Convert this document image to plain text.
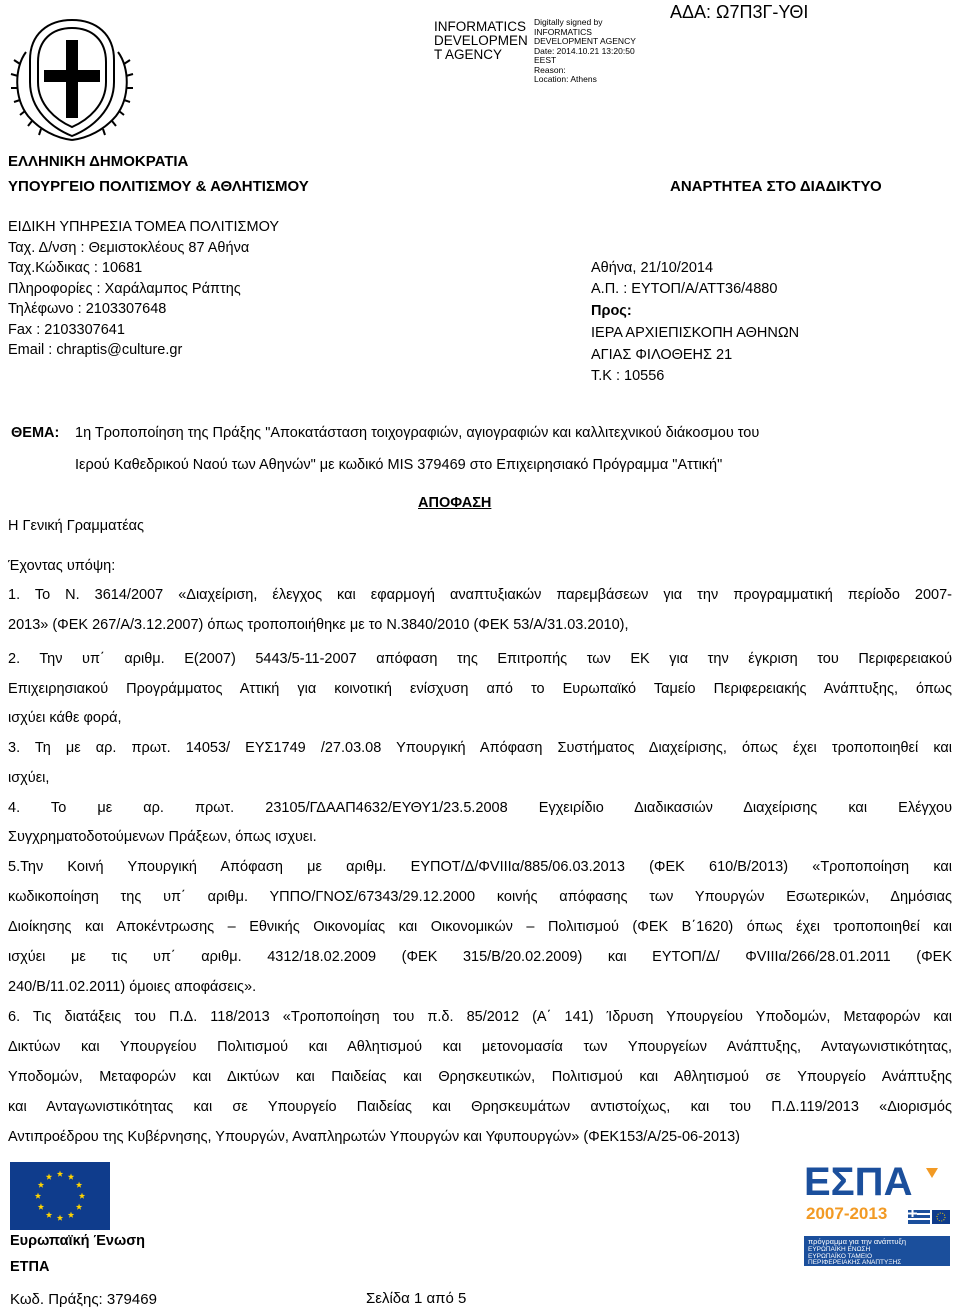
INFORMATICS
DEVELOPMEN
T AGENCY
Digitally signed by
INFORMATICS
DEVELOPMENT AGENCY
Date: 2014.10.21 13:20:50
EEST
Reason:
Location: Athens
ΑΔΑ: Ω7Π3Γ-ΥΘΙ
ΕΛΛΗΝΙΚΗ ΔΗΜΟΚΡΑΤΙΑ
ΥΠΟΥΡΓΕΙΟ ΠΟΛΙΤΙΣΜΟΥ & ΑΘΛΗΤΙΣΜΟΥ	ΑΝΑΡΤΗΤΕΑ ΣΤΟ ΔΙΑΔΙΚΤΥΟ
ΕΙΔΙΚΗ ΥΠΗΡΕΣΙΑ ΤΟΜΕΑ ΠΟΛΙΤΙΣΜΟΥ
Ταχ. Δ/νση : Θεμιστοκλέους 87 Αθήνα
Ταχ.Κώδικας : 10681
Πληροφορίες : Χαράλαμπος Ράπτης
Τηλέφωνο : 2103307648
Fax : 2103307641
Email : chraptis@culture.gr
Αθήνα, 21/10/2014
Α.Π. : ΕΥΤΟΠ/Α/ΑΤΤ36/4880
Προς:
ΙΕΡΑ ΑΡΧΙΕΠΙΣΚΟΠΗ ΑΘΗΝΩΝ
ΑΓΙΑΣ ΦΙΛΟΘΕΗΣ 21
Τ.Κ : 10556
ΘΕΜΑ: 1η Τροποποίηση της Πράξης "Αποκατάσταση τοιχογραφιών, αγιογραφιών και καλλιτεχνικού διάκοσμου του
Ιερού Καθεδρικού Ναού των Αθηνών" με κωδικό MIS 379469 στο Επιχειρησιακό Πρόγραμμα "Αττική"
ΑΠΟΦΑΣΗ
Η Γενική Γραμματέας
Έχοντας υπόψη:
1. Το Ν. 3614/2007 «Διαχείριση, έλεγχος και εφαρμογή αναπτυξιακών παρεμβάσεων για την προγραμματική περίοδο 2007-
2013» (ΦΕΚ 267/Α/3.12.2007) όπως τροποποιήθηκε με το Ν.3840/2010 (ΦΕΚ 53/Α/31.03.2010),
2. Την υπ΄ αριθμ. Ε(2007) 5443/5-11-2007 απόφαση της Επιτροπής των ΕΚ για την έγκριση του Περιφερειακού
Επιχειρησιακού Προγράμματος Αττική για κοινοτική ενίσχυση από το Ευρωπαϊκό Ταμείο Περιφερειακής Ανάπτυξης, όπως
ισχύει κάθε φορά,
3. Τη με αρ. πρωτ. 14053/ ΕΥΣ1749 /27.03.08 Υπουργική Απόφαση Συστήματος Διαχείρισης, όπως έχει τροποποιηθεί και
ισχύει,
4. Το με αρ. πρωτ. 23105/ΓΔΑΑΠ4632/ΕΥΘΥ1/23.5.2008 Εγχειρίδιο Διαδικασιών Διαχείρισης και Ελέγχου
Συγχρηματοδοτούμενων Πράξεων, όπως ισχυει.
5.Την Κοινή Υπουργική Απόφαση με αριθμ. ΕΥΠΟΤ/Δ/ΦVIIIα/885/06.03.2013 (ΦΕΚ 610/Β/2013) «Τροποποίηση και
κωδικοποίηση της υπ΄ αριθμ. ΥΠΠΟ/ΓΝΟΣ/67343/29.12.2000 κοινής απόφασης των Υπουργών Εσωτερικών, Δημόσιας
Διοίκησης και Αποκέντρωσης – Εθνικής Οικονομίας και Οικονομικών – Πολιτισμού (ΦΕΚ Β΄1620) όπως έχει τροποποιηθεί και
ισχύει με τις υπ΄ αριθμ. 4312/18.02.2009 (ΦΕΚ 315/Β/20.02.2009) και ΕΥΤΟΠ/Δ/ ΦVIIIα/266/28.01.2011 (ΦΕΚ
240/Β/11.02.2011) όμοιες αποφάσεις».
6. Τις διατάξεις του Π.Δ. 118/2013 «Τροποποίηση του π.δ. 85/2012 (Α΄ 141) Ίδρυση Υπουργείου Υποδομών, Μεταφορών και
Δικτύων και Υπουργείου Πολιτισμού και Αθλητισμού και μετονομασία των Υπουργείων Ανάπτυξης, Ανταγωνιστικότητας,
Υποδομών, Μεταφορών και Δικτύων και Παιδείας και Θρησκευτικών, Πολιτισμού και Αθλητισμού σε Υπουργείο Ανάπτυξης
και Ανταγωνιστικότητας και σε Υπουργείο Παιδείας και Θρησκευμάτων αντιστοίχως, και του Π.Δ.119/2013 «Διορισμός
Αντιπροέδρου της Κυβέρνησης, Υπουργών, Αναπληρωτών Υπουργών και Υφυπουργών» (ΦΕΚ153/Α/25-06-2013)
Ευρωπαϊκή Ένωση
ΕΤΠΑ
ΕΣΠΑ
2007-2013
πρόγραμμα για την ανάπτυξη
ΕΥΡΩΠΑΪΚΗ ΕΝΩΣΗ
ΕΥΡΩΠΑΪΚΟ ΤΑΜΕΙΟ
ΠΕΡΙΦΕΡΕΙΑΚΗΣ ΑΝΑΠΤΥΞΗΣ
Κωδ. Πράξης: 379469	Σελίδα 1 από 5
